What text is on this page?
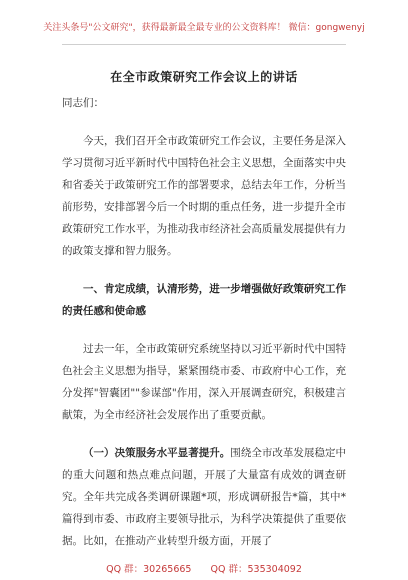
关注头条号"公文研究"，获得最新最全最专业的公文资料库！ 微信：gongwenyj
在全市政策研究工作会议上的讲话

同志们：

今天，我们召开全市政策研究工作会议，主要任务是深入学习贯彻习近平新时代中国特色社会主义思想，全面落实中央和省委关于政策研究工作的部署要求，总结去年工作，分析当前形势，安排部署今后一个时期的重点任务，进一步提升全市政策研究工作水平，为推动我市经济社会高质量发展提供有力的政策支撑和智力服务。

一、肯定成绩，认清形势，进一步增强做好政策研究工作的责任感和使命感

过去一年，全市政策研究系统坚持以习近平新时代中国特色社会主义思想为指导，紧紧围绕市委、市政府中心工作，充分发挥"智囊团""参谋部"作用，深入开展调查研究，积极建言献策，为全市经济社会发展作出了重要贡献。

（一）决策服务水平显著提升。围绕全市改革发展稳定中的重大问题和热点难点问题，开展了大量富有成效的调查研究。全年共完成各类调研课题*项，形成调研报告*篇，其中*篇得到市委、市政府主要领导批示，为科学决策提供了重要依据。比如，在推动产业转型升级方面，开展了

QQ 群：30265665 QQ 群：535304092
